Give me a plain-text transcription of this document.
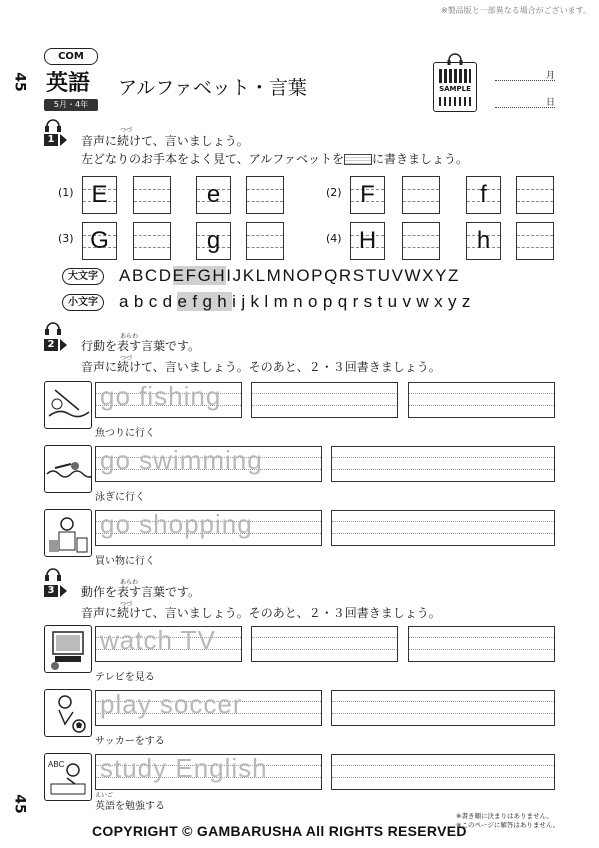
※製品版と一部異なる場合がございます。
45
45
COM
英語
5月・4年
アルファベット・言葉	SAMPLE
月
日
1
つづ
音声に続けて、言いましょう。
左どなりのお手本をよく見て、アルファベットを に書きましょう。
(1) E	e	(2) F	f
(3) G	g	(4) H	h
大文字	ABCDEFGHIJKLMNOPQRSTUVWXYZ
小文字	abcdefghijklmnopqrstuvwxyz
2
あらわ
行動を表す言葉です。
つづ
音声に続けて、言いましょう。そのあと、２・３回書きましょう。
go fishing
魚つりに行く
go swimming
泳ぎに行く
go shopping
買い物に行く
3
あらわ
動作を表す言葉です。
つづ
音声に続けて、言いましょう。そのあと、２・３回書きましょう。
watch TV
テレビを見る
play soccer
サッカーをする
ABC study English
えいご
英語を勉強する
※書き順に決まりはありません。
※このページに解答はありません。
COPYRIGHT © GAMBARUSHA All RIGHTS RESERVED
